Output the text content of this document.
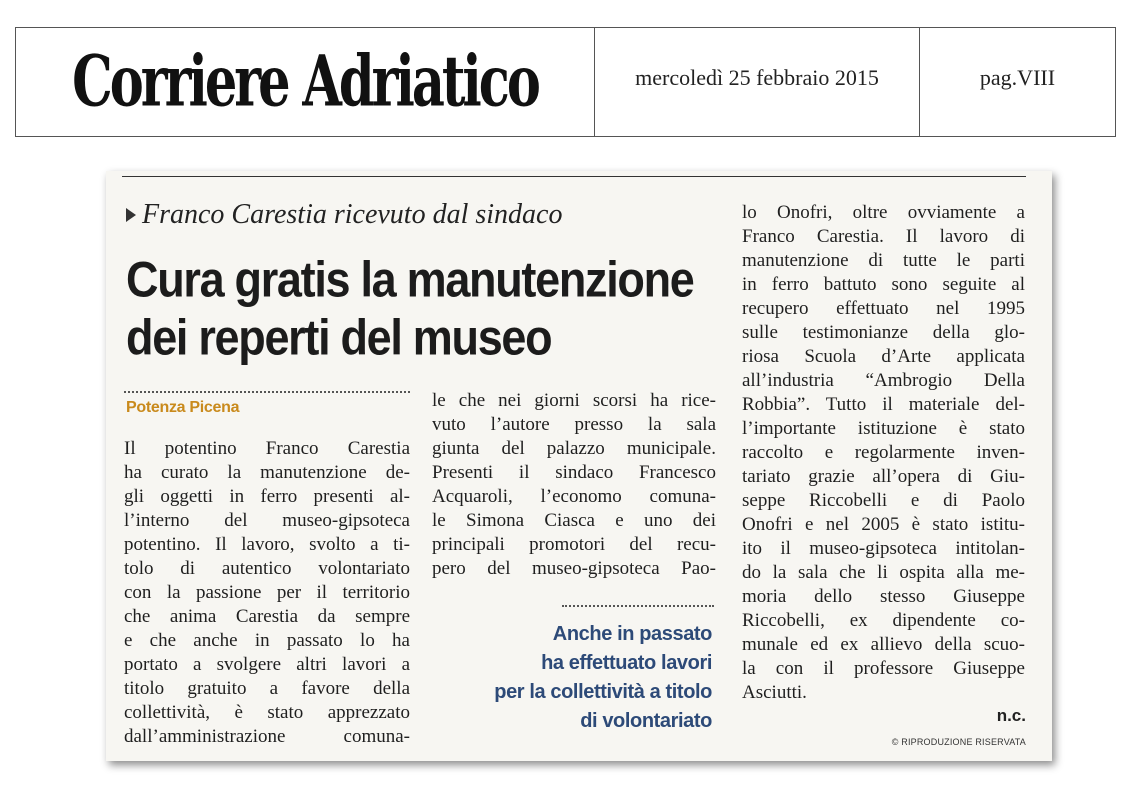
Corriere Adriatico	mercoledì 25 febbraio 2015	pag.VIII
Franco Carestia ricevuto dal sindaco
Cura gratis la manutenzione
dei reperti del museo
Potenza Picena
Il potentino Franco Carestia
ha curato la manutenzione de-
gli oggetti in ferro presenti al-
l’interno del museo-gipsoteca
potentino. Il lavoro, svolto a ti-
tolo di autentico volontariato
con la passione per il territorio
che anima Carestia da sempre
e che anche in passato lo ha
portato a svolgere altri lavori a
titolo gratuito a favore della
collettività, è stato apprezzato
dall’amministrazione comuna-
le che nei giorni scorsi ha rice-
vuto l’autore presso la sala
giunta del palazzo municipale.
Presenti il sindaco Francesco
Acquaroli, l’economo comuna-
le Simona Ciasca e uno dei
principali promotori del recu-
pero del museo-gipsoteca Pao-
Anche in passato
ha effettuato lavori
per la collettività a titolo
di volontariato
lo Onofri, oltre ovviamente a
Franco Carestia. Il lavoro di
manutenzione di tutte le parti
in ferro battuto sono seguite al
recupero effettuato nel 1995
sulle testimonianze della glo-
riosa Scuola d’Arte applicata
all’industria “Ambrogio Della
Robbia”. Tutto il materiale del-
l’importante istituzione è stato
raccolto e regolarmente inven-
tariato grazie all’opera di Giu-
seppe Riccobelli e di Paolo
Onofri e nel 2005 è stato istitu-
ito il museo-gipsoteca intitolan-
do la sala che li ospita alla me-
moria dello stesso Giuseppe
Riccobelli, ex dipendente co-
munale ed ex allievo della scuo-
la con il professore Giuseppe
Asciutti.
n.c.
© RIPRODUZIONE RISERVATA
